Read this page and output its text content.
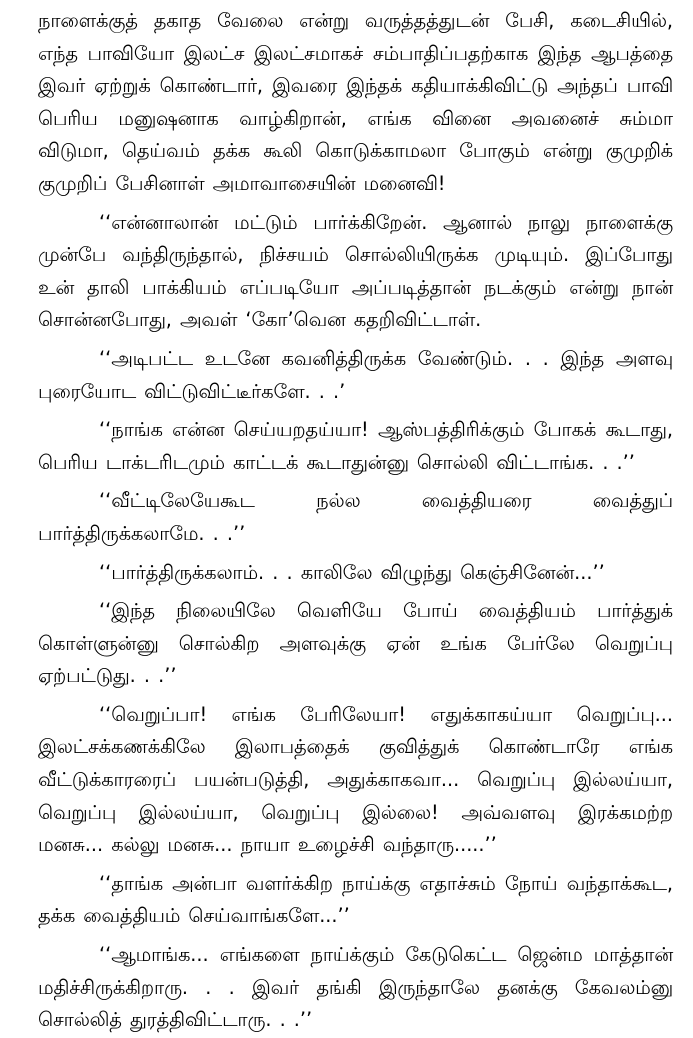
நாளைக்குத் தகாத வேலை என்று வருத்தத்துடன் பேசி, கடைசியில், எந்த பாவியோ இலட்ச இலட்சமாகச் சம்பாதிப்பதற்காக இந்த ஆபத்தை இவர் ஏற்றுக் கொண்டார், இவரை இந்தக் கதியாக்கிவிட்டு அந்தப் பாவி பெரிய மனுஷனாக வாழ்கிறான், எங்க வினை அவனைச் சும்மா விடுமா, தெய்வம் தக்க கூலி கொடுக்காமலா போகும் என்று குமுறிக் குமுறிப் பேசினாள் அமாவாசையின் மனைவி!

‘‘என்னாலான் மட்டும் பார்க்கிறேன். ஆனால் நாலு நாளைக்கு முன்பே வந்திருந்தால், நிச்சயம் சொல்லியிருக்க முடியும். இப்போது உன் தாலி பாக்கியம் எப்படியோ அப்படித்தான் நடக்கும் என்று நான் சொன்னபோது, அவள் ‘கோ’வென கதறிவிட்டாள்.

‘‘அடிபட்ட உடனே கவனித்திருக்க வேண்டும். . . இந்த அளவு புரையோட விட்டுவிட்டீர்களே. . .’

‘‘நாங்க என்ன செய்யறதய்யா! ஆஸ்பத்திரிக்கும் போகக் கூடாது, பெரிய டாக்டரிடமும் காட்டக் கூடாதுன்னு சொல்லி விட்டாங்க. . .’’

‘‘வீட்டிலேயேகூட நல்ல வைத்தியரை வைத்துப் பார்த்திருக்கலாமே. . .’’

‘‘பார்த்திருக்கலாம். . . காலிலே விழுந்து கெஞ்சினேன்...’’

‘‘இந்த நிலையிலே வெளியே போய் வைத்தியம் பார்த்துக் கொள்ளுன்னு சொல்கிற அளவுக்கு ஏன் உங்க பேர்லே வெறுப்பு ஏற்பட்டுது. . .’’

‘‘வெறுப்பா! எங்க பேரிலேயா! எதுக்காகய்யா வெறுப்பு... இலட்சக்கணக்கிலே இலாபத்தைக் குவித்துக் கொண்டாரே எங்க வீட்டுக்காரரைப் பயன்படுத்தி, அதுக்காகவா... வெறுப்பு இல்லய்யா, வெறுப்பு இல்லய்யா, வெறுப்பு இல்லை! அவ்வளவு இரக்கமற்ற மனசு... கல்லு மனசு... நாயா உழைச்சி வந்தாரு.....’’

‘‘தாங்க அன்பா வளர்க்கிற நாய்க்கு எதாச்சும் நோய் வந்தாக்கூட, தக்க வைத்தியம் செய்வாங்களே...’’

‘‘ஆமாங்க... எங்களை நாய்க்கும் கேடுகெட்ட ஜென்ம மாத்தான் மதிச்சிருக்கிறாரு. . . இவர் தங்கி இருந்தாலே தனக்கு கேவலம்னு சொல்லித் துரத்திவிட்டாரு. . .’’
